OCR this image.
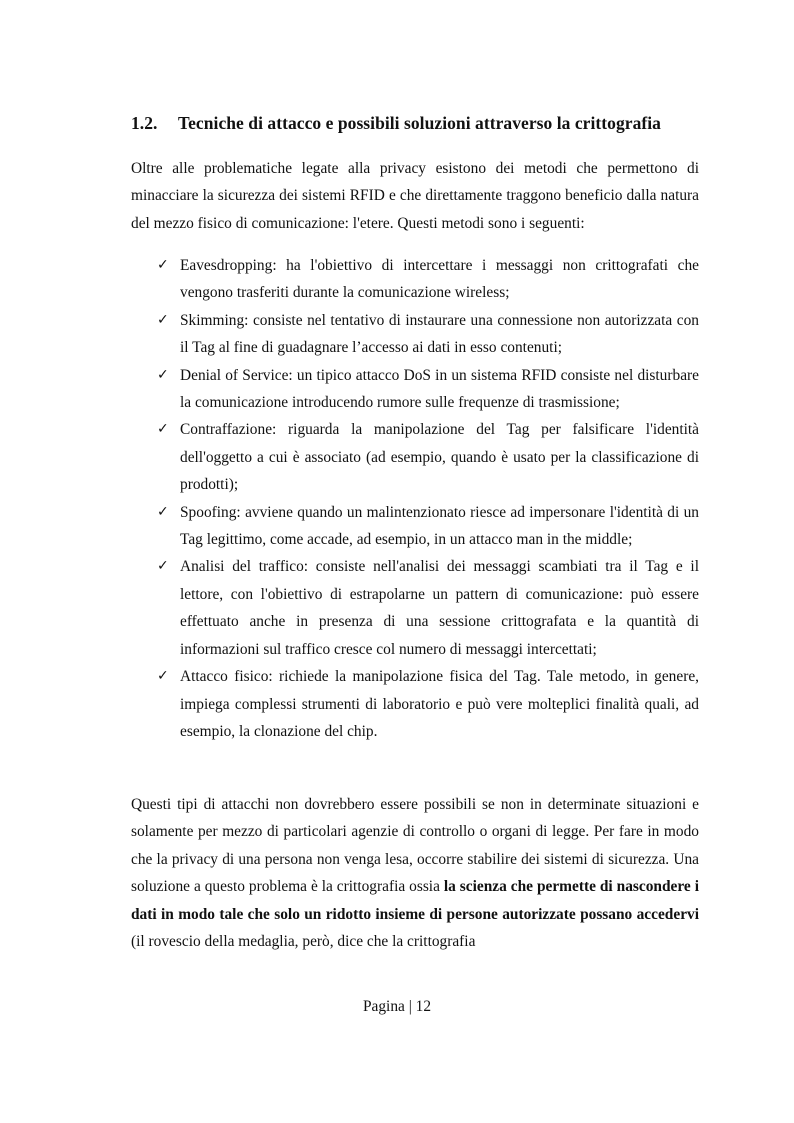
1.2. Tecniche di attacco e possibili soluzioni attraverso la crittografia

Oltre alle problematiche legate alla privacy esistono dei metodi che permettono di minacciare la sicurezza dei sistemi RFID e che direttamente traggono beneficio dalla natura del mezzo fisico di comunicazione: l'etere. Questi metodi sono i seguenti:

✓ Eavesdropping: ha l'obiettivo di intercettare i messaggi non crittografati che vengono trasferiti durante la comunicazione wireless;
✓ Skimming: consiste nel tentativo di instaurare una connessione non autorizzata con il Tag al fine di guadagnare l’accesso ai dati in esso contenuti;
✓ Denial of Service: un tipico attacco DoS in un sistema RFID consiste nel disturbare la comunicazione introducendo rumore sulle frequenze di trasmissione;
✓ Contraffazione: riguarda la manipolazione del Tag per falsificare l'identità dell'oggetto a cui è associato (ad esempio, quando è usato per la classificazione di prodotti);
✓ Spoofing: avviene quando un malintenzionato riesce ad impersonare l'identità di un Tag legittimo, come accade, ad esempio, in un attacco man in the middle;
✓ Analisi del traffico: consiste nell'analisi dei messaggi scambiati tra il Tag e il lettore, con l'obiettivo di estrapolarne un pattern di comunicazione: può essere effettuato anche in presenza di una sessione crittografata e la quantità di informazioni sul traffico cresce col numero di messaggi intercettati;
✓ Attacco fisico: richiede la manipolazione fisica del Tag. Tale metodo, in genere, impiega complessi strumenti di laboratorio e può vere molteplici finalità quali, ad esempio, la clonazione del chip.

Questi tipi di attacchi non dovrebbero essere possibili se non in determinate situazioni e solamente per mezzo di particolari agenzie di controllo o organi di legge. Per fare in modo che la privacy di una persona non venga lesa, occorre stabilire dei sistemi di sicurezza. Una soluzione a questo problema è la crittografia ossia la scienza che permette di nascondere i dati in modo tale che solo un ridotto insieme di persone autorizzate possano accedervi (il rovescio della medaglia, però, dice che la crittografia

Pagina | 12
